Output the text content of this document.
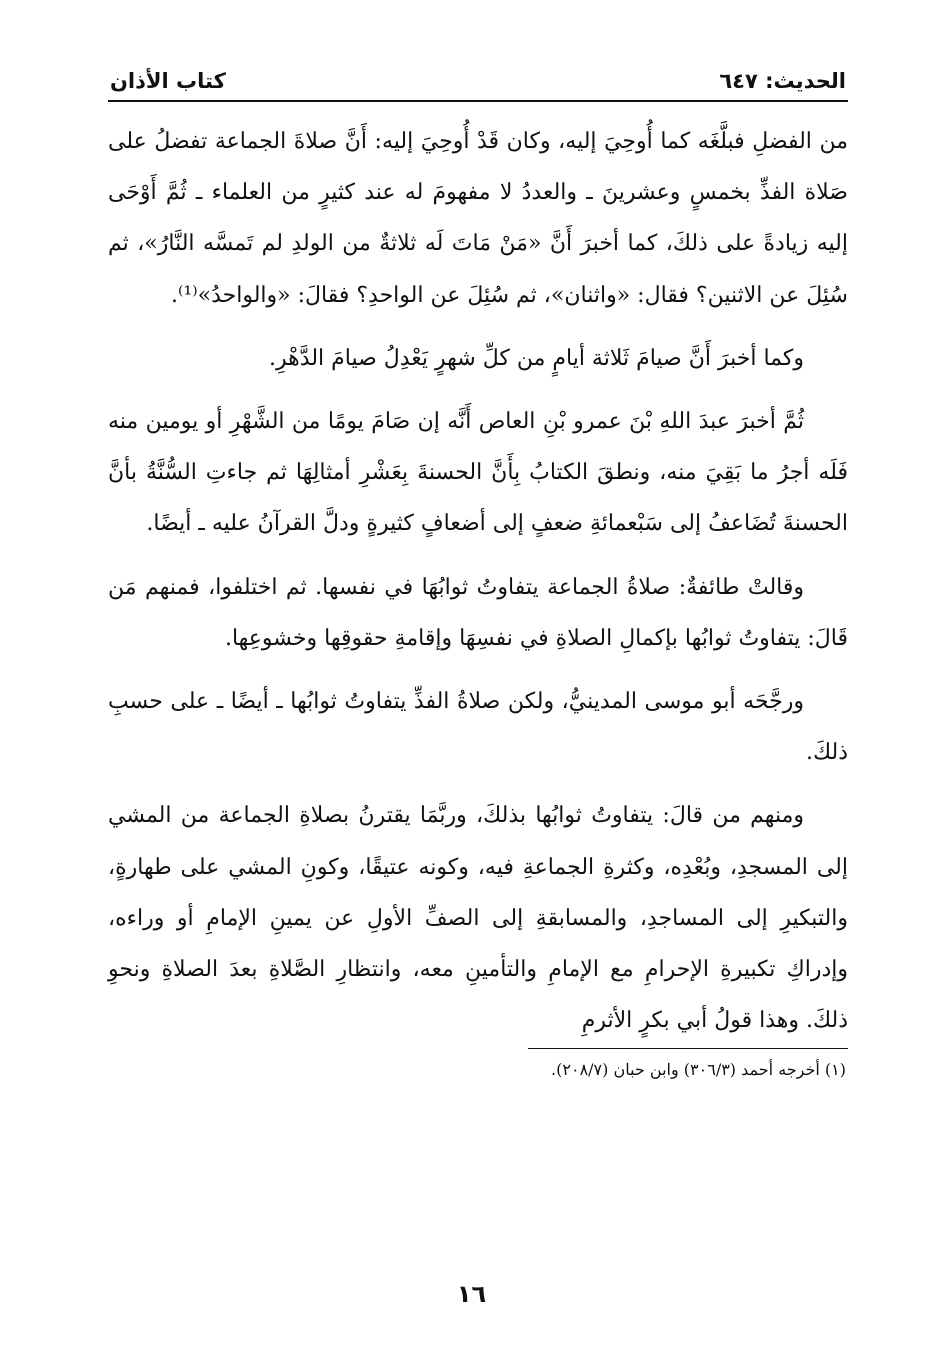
الحديث: ٦٤٧
كتاب الأذان

من الفضلِ فبلَّغَه كما أُوحِيَ إليه، وكان قَدْ أُوحِيَ إليه: أَنَّ صلاةَ الجماعة تفضلُ على صَلاة الفذِّ بخمسٍ وعشرينَ ـ والعددُ لا مفهومَ له عند كثيرٍ من العلماء ـ ثُمَّ أَوْحَى إليه زيادةً على ذلكَ، كما أخبرَ أَنَّ «مَنْ مَاتَ لَه ثلاثةٌ من الولدِ لم تَمسَّه النَّارُ»، ثم سُئِلَ عن الاثنين؟ فقال: «واثنان»، ثم سُئِلَ عن الواحدِ؟ فقالَ: «والواحدُ»⁽¹⁾.

وكما أخبرَ أَنَّ صيامَ ثَلاثة أيامٍ من كلِّ شهرٍ يَعْدِلُ صيامَ الدَّهْرِ.

ثُمَّ أخبرَ عبدَ اللهِ بْنَ عمرو بْنِ العاص أَنَّه إن صَامَ يومًا من الشَّهْرِ أو يومين منه فَلَه أجرُ ما بَقِيَ منه، ونطقَ الكتابُ بِأَنَّ الحسنةَ بِعَشْرِ أمثالِهَا ثم جاءتِ السُّنَّةُ بأنَّ الحسنةَ تُضَاعفُ إلى سَبْعمائةِ ضعفٍ إلى أضعافٍ كثيرةٍ ودلَّ القرآنُ عليه ـ أيضًا.

وقالتْ طائفةٌ: صلاةُ الجماعة يتفاوتُ ثوابُهَا في نفسها. ثم اختلفوا، فمنهم مَن قَالَ: يتفاوتُ ثوابُها بإكمالِ الصلاةِ في نفسِهَا وإقامةِ حقوقِها وخشوعِها.

ورجَّحَه أبو موسى المدينيُّ، ولكن صلاةُ الفذِّ يتفاوتُ ثوابُها ـ أيضًا ـ على حسبِ ذلكَ.

ومنهم من قالَ: يتفاوتُ ثوابُها بذلكَ، وربَّمَا يقترنُ بصلاةِ الجماعة من المشي إلى المسجدِ، وبُعْدِه، وكثرةِ الجماعةِ فيه، وكونه عتيقًا، وكونِ المشي على طهارةٍ، والتبكيرِ إلى المساجدِ، والمسابقةِ إلى الصفِّ الأولِ عن يمينِ الإمامِ أو وراءه، وإدراكِ تكبيرةِ الإحرامِ مع الإمامِ والتأمينِ معه، وانتظارِ الصَّلاةِ بعدَ الصلاةِ ونحوِ ذلكَ. وهذا قولُ أبي بكرٍ الأثرمِ

(١) أخرجه أحمد (٣٠٦/٣) وابن حبان (٢٠٨/٧).
١٦
